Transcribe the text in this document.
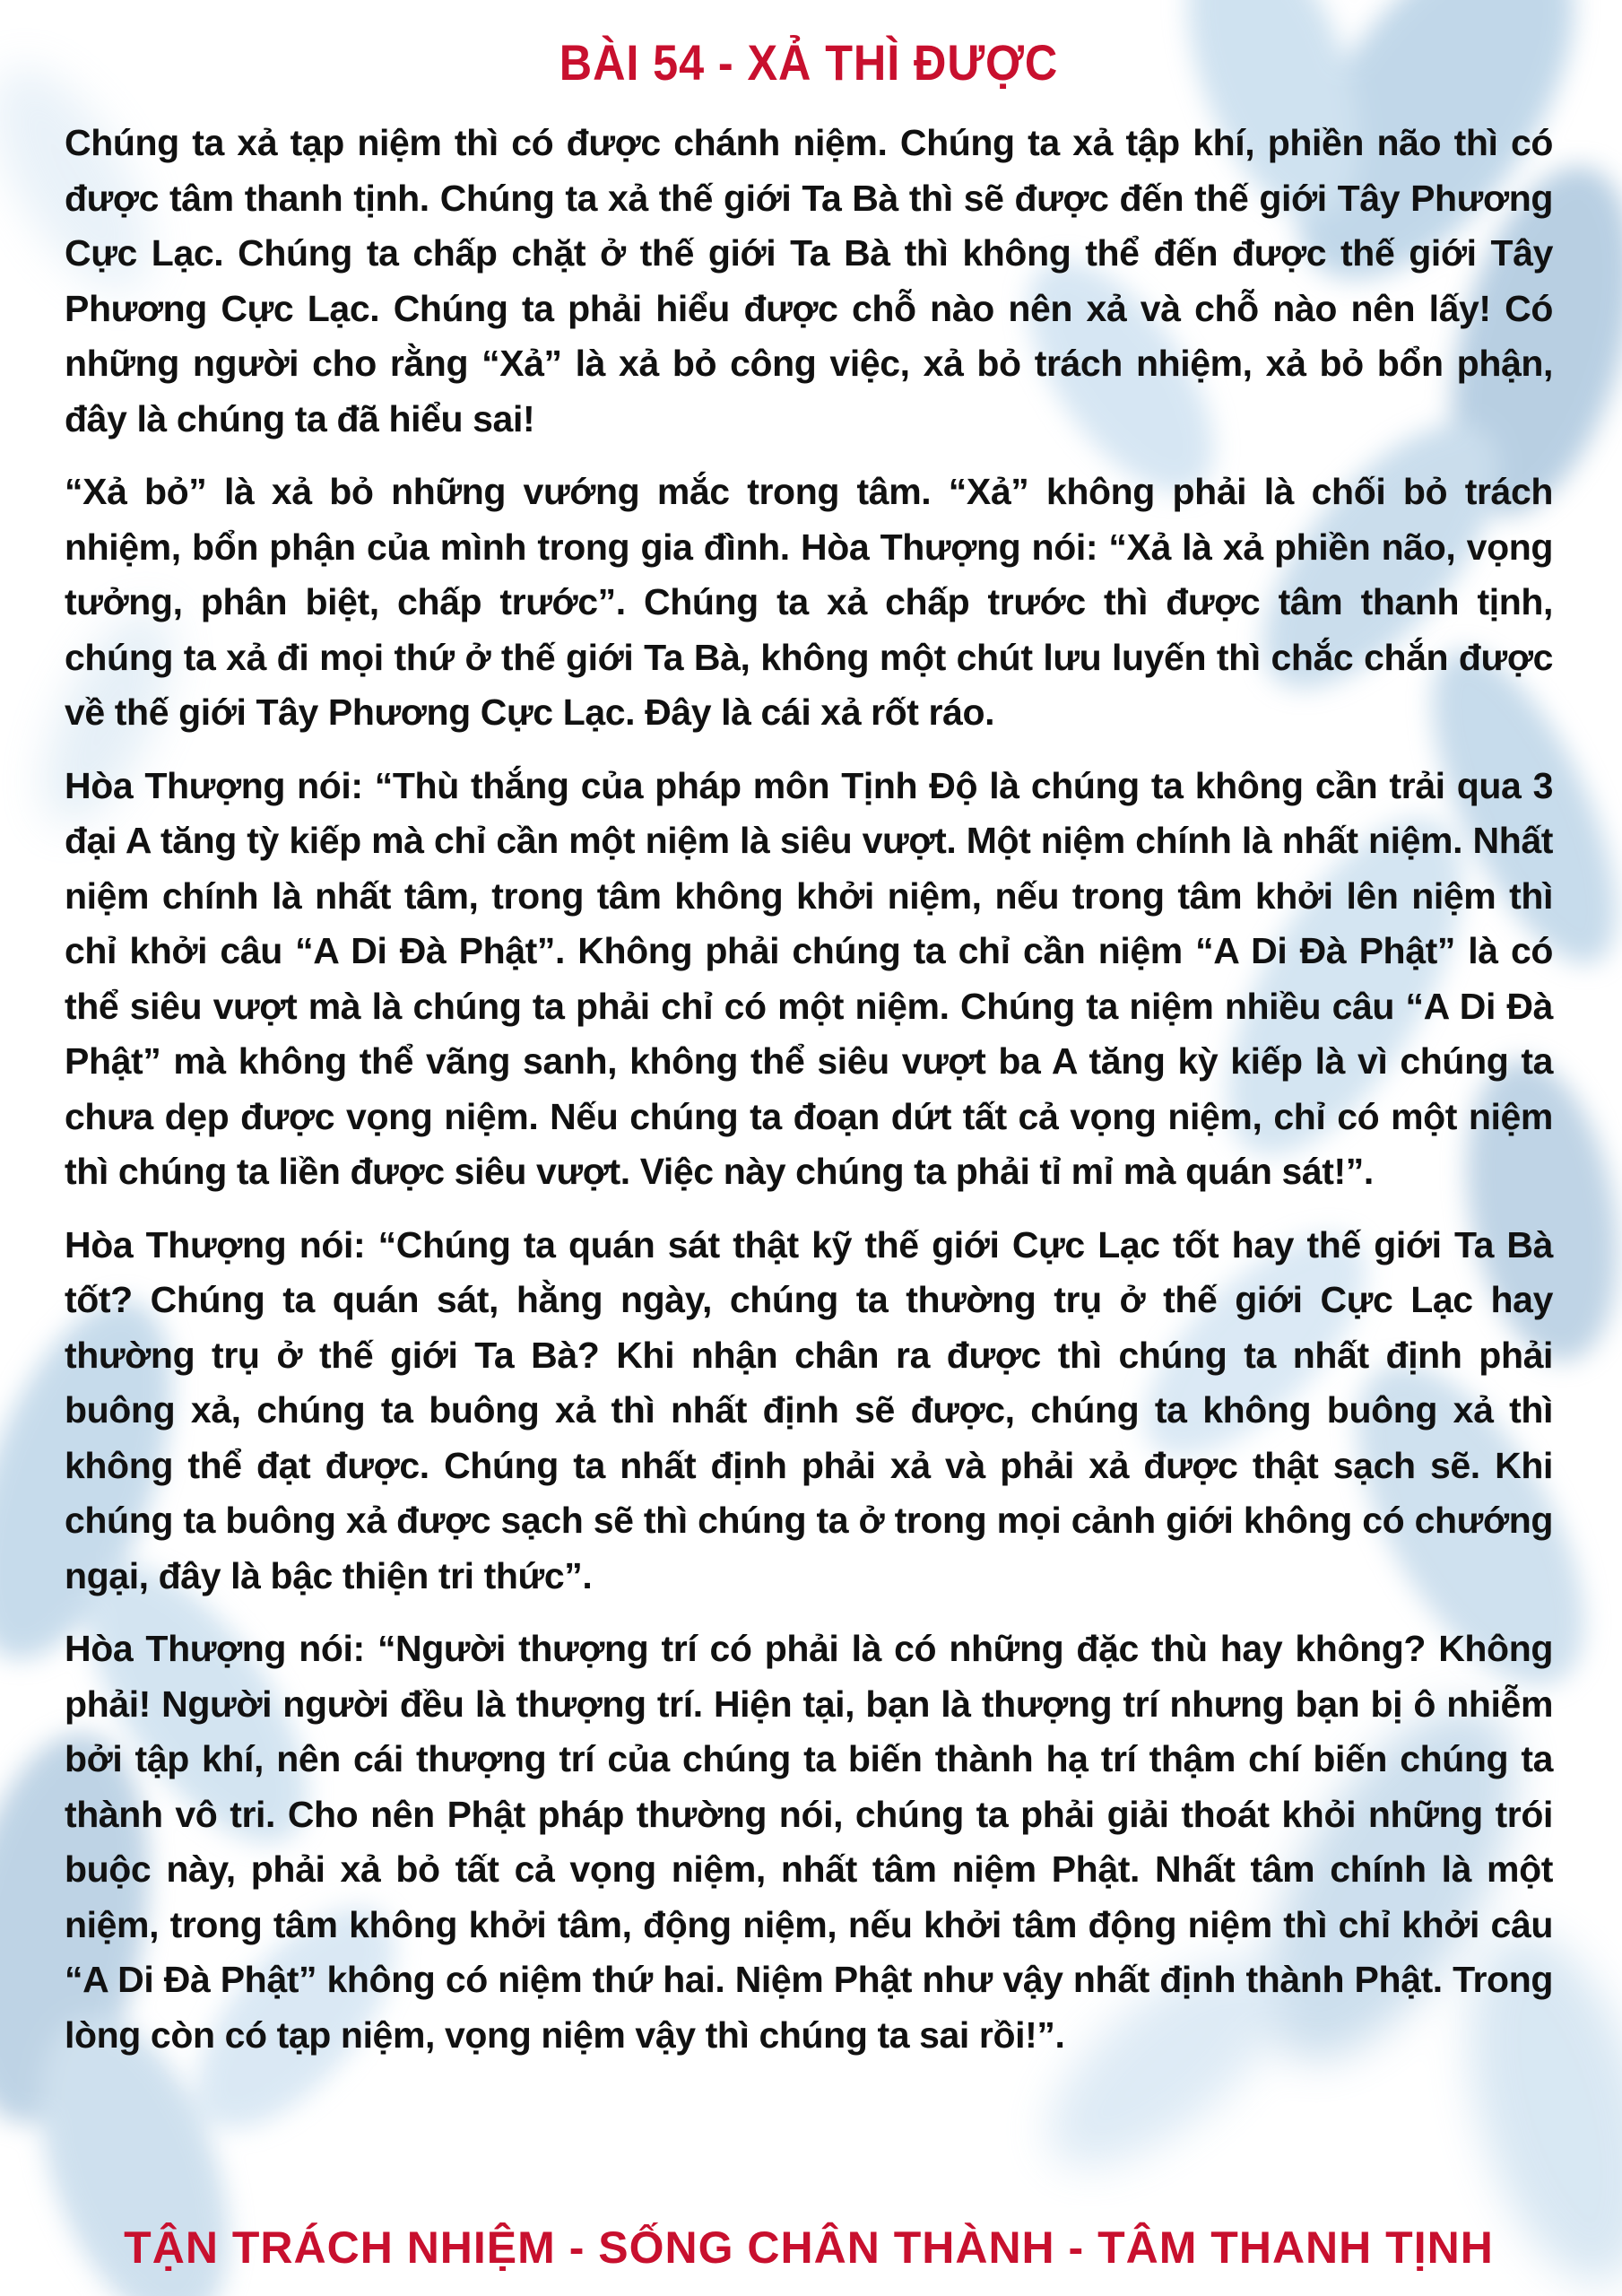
BÀI 54 - XẢ THÌ ĐƯỢC

Chúng ta xả tạp niệm thì có được chánh niệm. Chúng ta xả tập khí, phiền não thì có được tâm thanh tịnh. Chúng ta xả thế giới Ta Bà thì sẽ được đến thế giới Tây Phương Cực Lạc. Chúng ta chấp chặt ở thế giới Ta Bà thì không thể đến được thế giới Tây Phương Cực Lạc. Chúng ta phải hiểu được chỗ nào nên xả và chỗ nào nên lấy! Có những người cho rằng “Xả” là xả bỏ công việc, xả bỏ trách nhiệm, xả bỏ bổn phận, đây là chúng ta đã hiểu sai!

“Xả bỏ” là xả bỏ những vướng mắc trong tâm. “Xả” không phải là chối bỏ trách nhiệm, bổn phận của mình trong gia đình. Hòa Thượng nói: “Xả là xả phiền não, vọng tưởng, phân biệt, chấp trước”. Chúng ta xả chấp trước thì được tâm thanh tịnh, chúng ta xả đi mọi thứ ở thế giới Ta Bà, không một chút lưu luyến thì chắc chắn được về thế giới Tây Phương Cực Lạc. Đây là cái xả rốt ráo.

Hòa Thượng nói: “Thù thắng của pháp môn Tịnh Độ là chúng ta không cần trải qua 3 đại A tăng tỳ kiếp mà chỉ cần một niệm là siêu vượt. Một niệm chính là nhất niệm. Nhất niệm chính là nhất tâm, trong tâm không khởi niệm, nếu trong tâm khởi lên niệm thì chỉ khởi câu “A Di Đà Phật”. Không phải chúng ta chỉ cần niệm “A Di Đà Phật” là có thể siêu vượt mà là chúng ta phải chỉ có một niệm. Chúng ta niệm nhiều câu “A Di Đà Phật” mà không thể vãng sanh, không thể siêu vượt ba A tăng kỳ kiếp là vì chúng ta chưa dẹp được vọng niệm. Nếu chúng ta đoạn dứt tất cả vọng niệm, chỉ có một niệm thì chúng ta liền được siêu vượt. Việc này chúng ta phải tỉ mỉ mà quán sát!”.

Hòa Thượng nói: “Chúng ta quán sát thật kỹ thế giới Cực Lạc tốt hay thế giới Ta Bà tốt? Chúng ta quán sát, hằng ngày, chúng ta thường trụ ở thế giới Cực Lạc hay thường trụ ở thế giới Ta Bà? Khi nhận chân ra được thì chúng ta nhất định phải buông xả, chúng ta buông xả thì nhất định sẽ được, chúng ta không buông xả thì không thể đạt được. Chúng ta nhất định phải xả và phải xả được thật sạch sẽ. Khi chúng ta buông xả được sạch sẽ thì chúng ta ở trong mọi cảnh giới không có chướng ngại, đây là bậc thiện tri thức”.

Hòa Thượng nói: “Người thượng trí có phải là có những đặc thù hay không? Không phải! Người người đều là thượng trí. Hiện tại, bạn là thượng trí nhưng bạn bị ô nhiễm bởi tập khí, nên cái thượng trí của chúng ta biến thành hạ trí thậm chí biến chúng ta thành vô tri. Cho nên Phật pháp thường nói, chúng ta phải giải thoát khỏi những trói buộc này, phải xả bỏ tất cả vọng niệm, nhất tâm niệm Phật. Nhất tâm chính là một niệm, trong tâm không khởi tâm, động niệm, nếu khởi tâm động niệm thì chỉ khởi câu “A Di Đà Phật” không có niệm thứ hai. Niệm Phật như vậy nhất định thành Phật. Trong lòng còn có tạp niệm, vọng niệm vậy thì chúng ta sai rồi!”.

TẬN TRÁCH NHIỆM - SỐNG CHÂN THÀNH - TÂM THANH TỊNH
